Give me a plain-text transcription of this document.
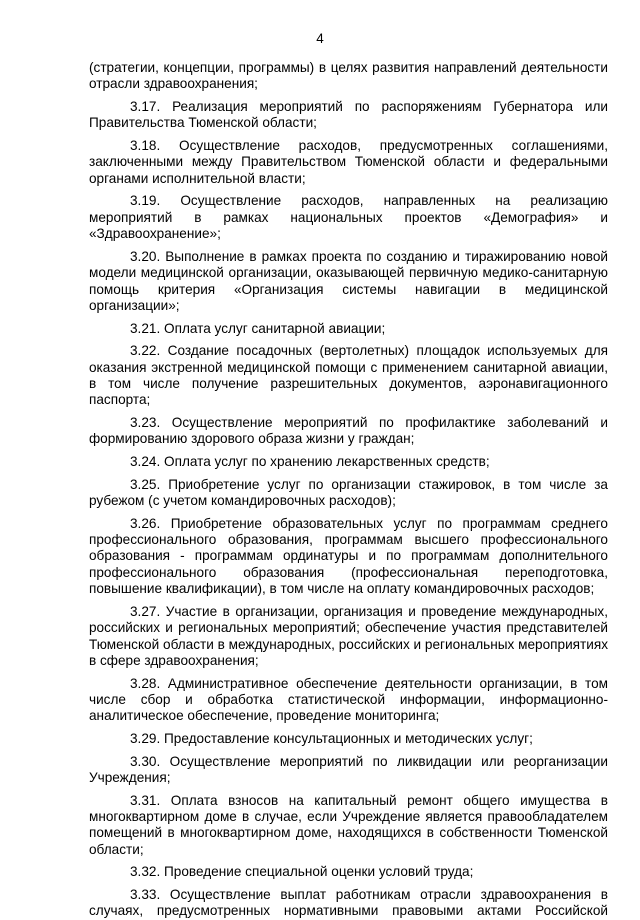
4

(стратегии, концепции, программы) в целях развития направлений деятельности отрасли здравоохранения;

3.17. Реализация мероприятий по распоряжениям Губернатора или Правительства Тюменской области;

3.18. Осуществление расходов, предусмотренных соглашениями, заключенными между Правительством Тюменской области и федеральными органами исполнительной власти;

3.19. Осуществление расходов, направленных на реализацию мероприятий в рамках национальных проектов «Демография» и «Здравоохранение»;

3.20. Выполнение в рамках проекта по созданию и тиражированию новой модели медицинской организации, оказывающей первичную медико-санитарную помощь критерия «Организация системы навигации в медицинской организации»;

3.21. Оплата услуг санитарной авиации;

3.22. Создание посадочных (вертолетных) площадок используемых для оказания экстренной медицинской помощи с применением санитарной авиации, в том числе получение разрешительных документов, аэронавигационного паспорта;

3.23. Осуществление мероприятий по профилактике заболеваний и формированию здорового образа жизни у граждан;

3.24. Оплата услуг по хранению лекарственных средств;

3.25. Приобретение услуг по организации стажировок, в том числе за рубежом (с учетом командировочных расходов);

3.26. Приобретение образовательных услуг по программам среднего профессионального образования, программам высшего профессионального образования - программам ординатуры и по программам дополнительного профессионального образования (профессиональная переподготовка, повышение квалификации), в том числе на оплату командировочных расходов;

3.27. Участие в организации, организация и проведение международных, российских и региональных мероприятий; обеспечение участия представителей Тюменской области в международных, российских и региональных мероприятиях в сфере здравоохранения;

3.28. Административное обеспечение деятельности организации, в том числе сбор и обработка статистической информации, информационно-аналитическое обеспечение, проведение мониторинга;

3.29. Предоставление консультационных и методических услуг;

3.30. Осуществление мероприятий по ликвидации или реорганизации Учреждения;

3.31. Оплата взносов на капитальный ремонт общего имущества в многоквартирном доме в случае, если Учреждение является правообладателем помещений в многоквартирном доме, находящихся в собственности Тюменской области;

3.32. Проведение специальной оценки условий труда;

3.33. Осуществление выплат работникам отрасли здравоохранения в случаях, предусмотренных нормативными правовыми актами Российской
